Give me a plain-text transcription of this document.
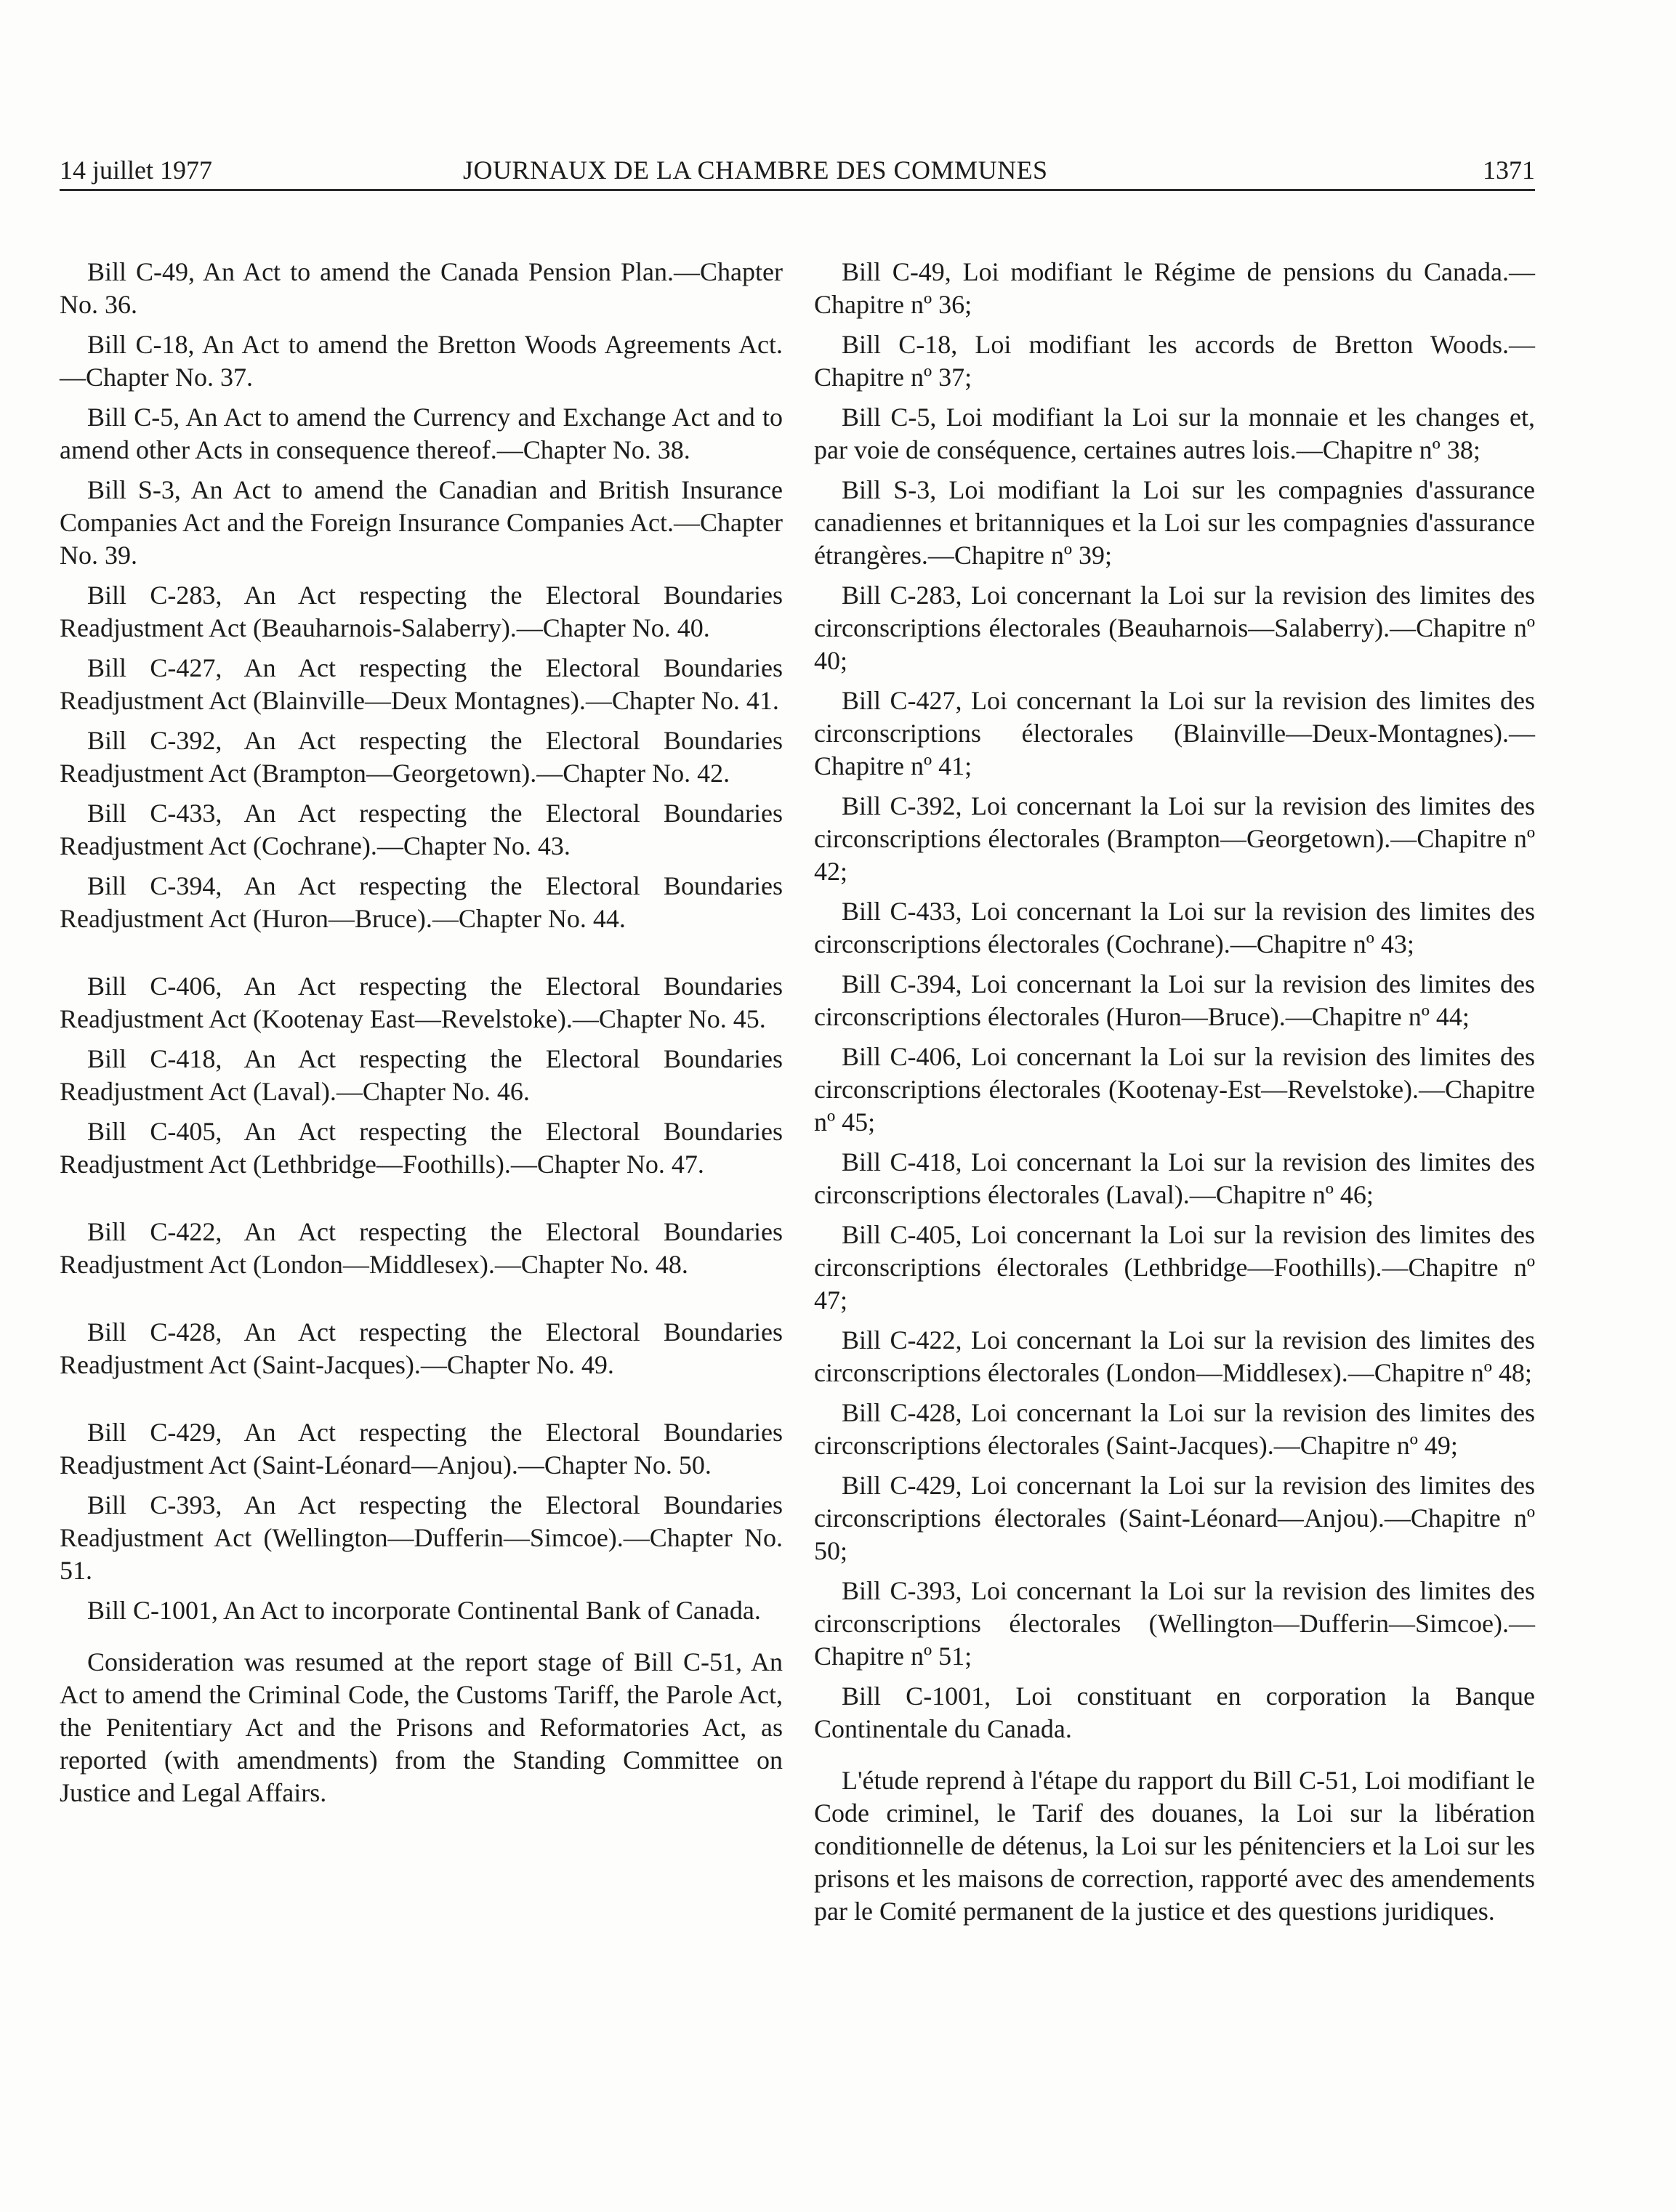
14 juillet 1977	JOURNAUX DE LA CHAMBRE DES COMMUNES	1371

Bill C-49, An Act to amend the Canada Pension Plan.—Chapter No. 36.

Bill C-18, An Act to amend the Bretton Woods Agreements Act.—Chapter No. 37.

Bill C-5, An Act to amend the Currency and Exchange Act and to amend other Acts in consequence thereof.—Chapter No. 38.

Bill S-3, An Act to amend the Canadian and British Insurance Companies Act and the Foreign Insurance Companies Act.—Chapter No. 39.

Bill C-283, An Act respecting the Electoral Boundaries Readjustment Act (Beauharnois-Salaberry).—Chapter No. 40.

Bill C-427, An Act respecting the Electoral Boundaries Readjustment Act (Blainville—Deux Montagnes).—Chapter No. 41.

Bill C-392, An Act respecting the Electoral Boundaries Readjustment Act (Brampton—Georgetown).—Chapter No. 42.

Bill C-433, An Act respecting the Electoral Boundaries Readjustment Act (Cochrane).—Chapter No. 43.

Bill C-394, An Act respecting the Electoral Boundaries Readjustment Act (Huron—Bruce).—Chapter No. 44.

Bill C-406, An Act respecting the Electoral Boundaries Readjustment Act (Kootenay East—Revelstoke).—Chapter No. 45.

Bill C-418, An Act respecting the Electoral Boundaries Readjustment Act (Laval).—Chapter No. 46.

Bill C-405, An Act respecting the Electoral Boundaries Readjustment Act (Lethbridge—Foothills).—Chapter No. 47.

Bill C-422, An Act respecting the Electoral Boundaries Readjustment Act (London—Middlesex).—Chapter No. 48.

Bill C-428, An Act respecting the Electoral Boundaries Readjustment Act (Saint-Jacques).—Chapter No. 49.

Bill C-429, An Act respecting the Electoral Boundaries Readjustment Act (Saint-Léonard—Anjou).—Chapter No. 50.

Bill C-393, An Act respecting the Electoral Boundaries Readjustment Act (Wellington—Dufferin—Simcoe).—Chapter No. 51.

Bill C-1001, An Act to incorporate Continental Bank of Canada.

Consideration was resumed at the report stage of Bill C-51, An Act to amend the Criminal Code, the Customs Tariff, the Parole Act, the Penitentiary Act and the Prisons and Reformatories Act, as reported (with amendments) from the Standing Committee on Justice and Legal Affairs.

Bill C-49, Loi modifiant le Régime de pensions du Canada.—Chapitre nº 36;

Bill C-18, Loi modifiant les accords de Bretton Woods.—Chapitre nº 37;

Bill C-5, Loi modifiant la Loi sur la monnaie et les changes et, par voie de conséquence, certaines autres lois.—Chapitre nº 38;

Bill S-3, Loi modifiant la Loi sur les compagnies d'assurance canadiennes et britanniques et la Loi sur les compagnies d'assurance étrangères.—Chapitre nº 39;

Bill C-283, Loi concernant la Loi sur la revision des limites des circonscriptions électorales (Beauharnois—Salaberry).—Chapitre nº 40;

Bill C-427, Loi concernant la Loi sur la revision des limites des circonscriptions électorales (Blainville—Deux-Montagnes).—Chapitre nº 41;

Bill C-392, Loi concernant la Loi sur la revision des limites des circonscriptions électorales (Brampton—Georgetown).—Chapitre nº 42;

Bill C-433, Loi concernant la Loi sur la revision des limites des circonscriptions électorales (Cochrane).—Chapitre nº 43;

Bill C-394, Loi concernant la Loi sur la revision des limites des circonscriptions électorales (Huron—Bruce).—Chapitre nº 44;

Bill C-406, Loi concernant la Loi sur la revision des limites des circonscriptions électorales (Kootenay-Est—Revelstoke).—Chapitre nº 45;

Bill C-418, Loi concernant la Loi sur la revision des limites des circonscriptions électorales (Laval).—Chapitre nº 46;

Bill C-405, Loi concernant la Loi sur la revision des limites des circonscriptions électorales (Lethbridge—Foothills).—Chapitre nº 47;

Bill C-422, Loi concernant la Loi sur la revision des limites des circonscriptions électorales (London—Middlesex).—Chapitre nº 48;

Bill C-428, Loi concernant la Loi sur la revision des limites des circonscriptions électorales (Saint-Jacques).—Chapitre nº 49;

Bill C-429, Loi concernant la Loi sur la revision des limites des circonscriptions électorales (Saint-Léonard—Anjou).—Chapitre nº 50;

Bill C-393, Loi concernant la Loi sur la revision des limites des circonscriptions électorales (Wellington—Dufferin—Simcoe).—Chapitre nº 51;

Bill C-1001, Loi constituant en corporation la Banque Continentale du Canada.

L'étude reprend à l'étape du rapport du Bill C-51, Loi modifiant le Code criminel, le Tarif des douanes, la Loi sur la libération conditionnelle de détenus, la Loi sur les pénitenciers et la Loi sur les prisons et les maisons de correction, rapporté avec des amendements par le Comité permanent de la justice et des questions juridiques.
